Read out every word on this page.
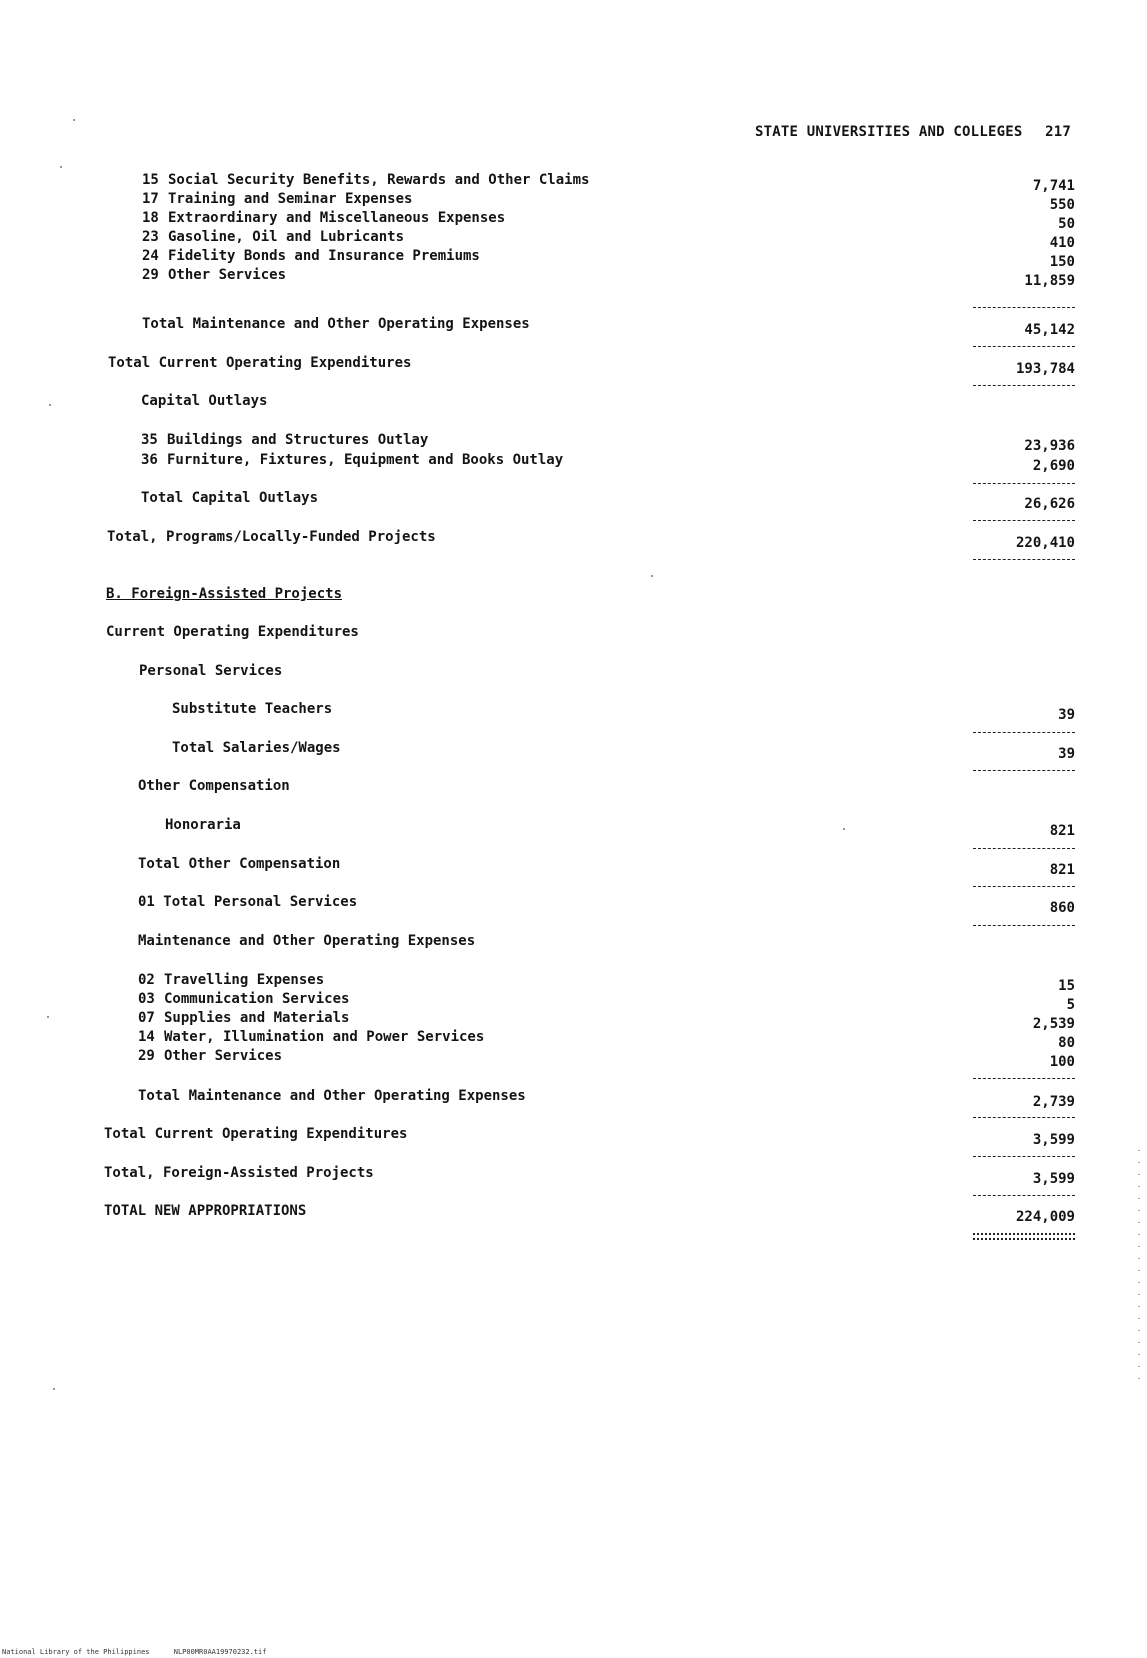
STATE UNIVERSITIES AND COLLEGES 217
15 Social Security Benefits, Rewards and Other Claims	7,741
17 Training and Seminar Expenses	550
18 Extraordinary and Miscellaneous Expenses	50
23 Gasoline, Oil and Lubricants	410
24 Fidelity Bonds and Insurance Premiums	150
29 Other Services	11,859
Total Maintenance and Other Operating Expenses	45,142
Total Current Operating Expenditures	193,784
Capital Outlays
35 Buildings and Structures Outlay	23,936
36 Furniture, Fixtures, Equipment and Books Outlay	2,690
Total Capital Outlays	26,626
Total, Programs/Locally-Funded Projects	220,410
B. Foreign-Assisted Projects
Current Operating Expenditures
Personal Services
Substitute Teachers	39
Total Salaries/Wages	39
Other Compensation
Honoraria	821
Total Other Compensation	821
01 Total Personal Services	860
Maintenance and Other Operating Expenses
02 Travelling Expenses	15
03 Communication Services	5
07 Supplies and Materials	2,539
14 Water, Illumination and Power Services	80
29 Other Services	100
Total Maintenance and Other Operating Expenses	2,739
Total Current Operating Expenditures	3,599
Total, Foreign-Assisted Projects	3,599
TOTAL NEW APPROPRIATIONS	224,009
National Library of the Philippines	NLP00MR0AA19970232.tif
